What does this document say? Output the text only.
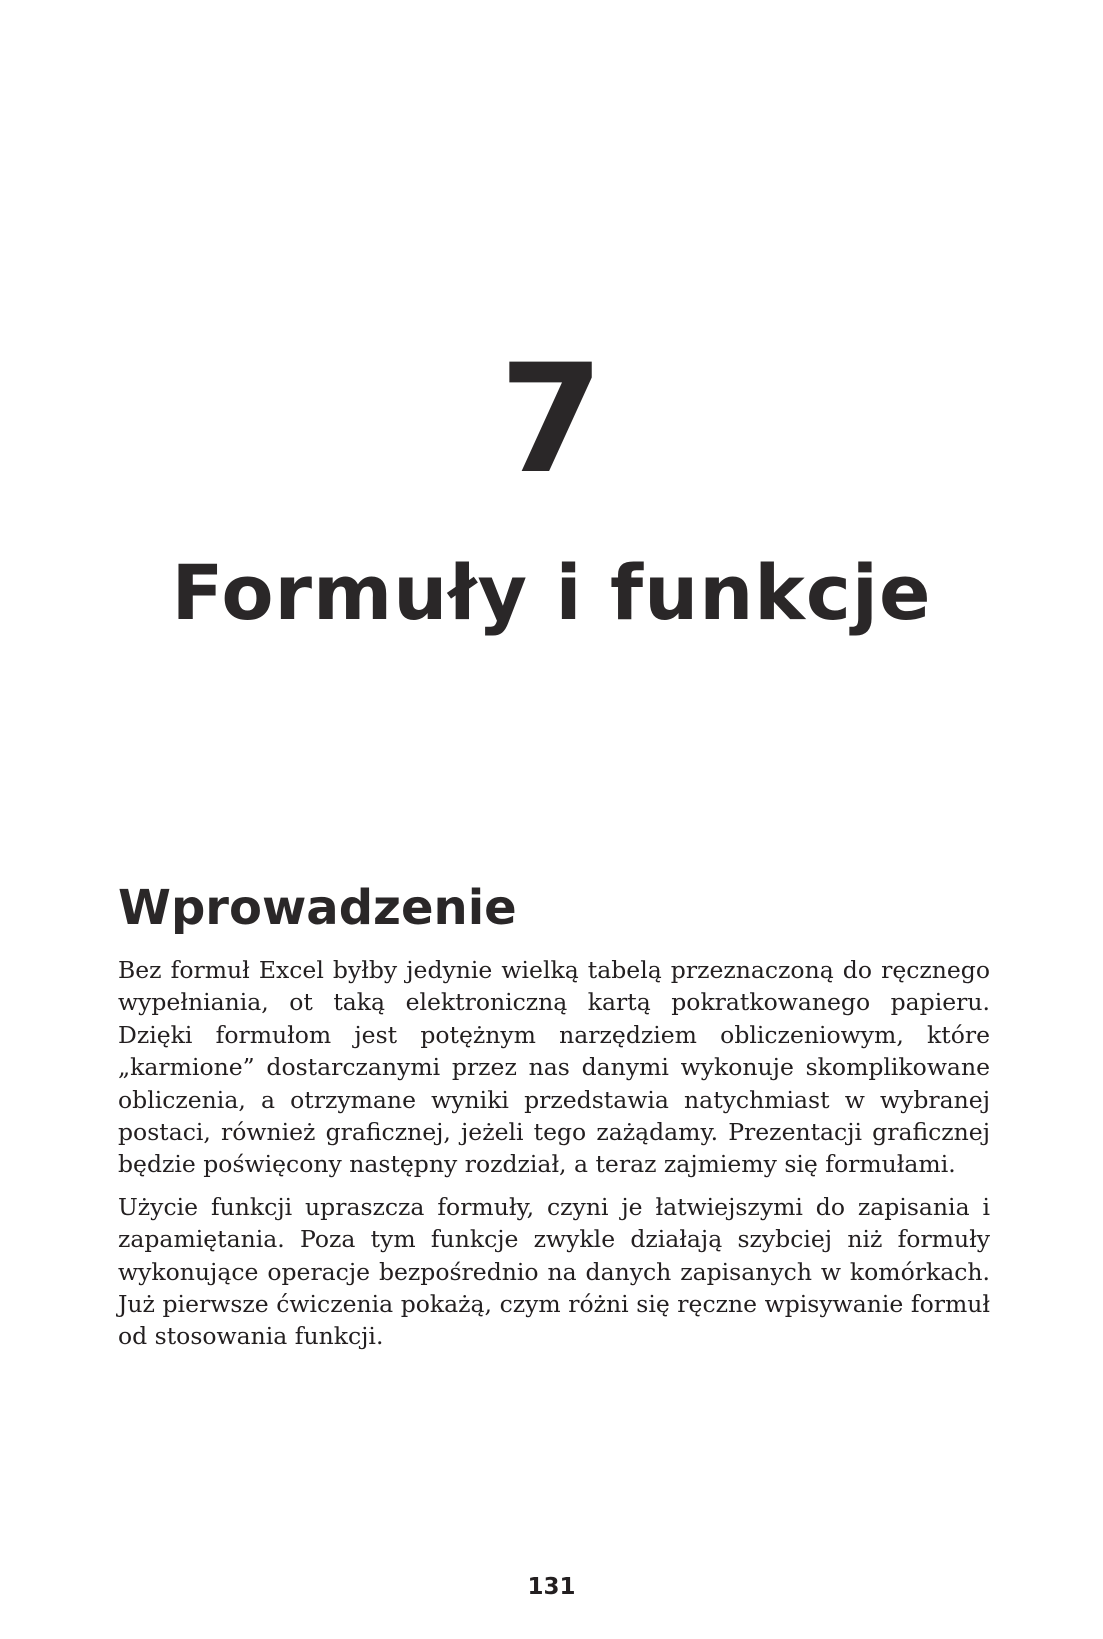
7
Formuły i funkcje
Wprowadzenie

Bez formuł Excel byłby jedynie wielką tabelą przeznaczoną do ręcznego wypełniania, ot taką elektroniczną kartą pokratkowanego papieru. Dzięki formułom jest potężnym narzędziem obliczeniowym, które „karmione” dostarczanymi przez nas danymi wykonuje skomplikowane obliczenia, a otrzymane wyniki przedstawia natychmiast w wybranej postaci, również graficznej, jeżeli tego zażądamy. Prezentacji graficznej będzie poświęcony następny rozdział, a teraz zajmiemy się formułami.

Użycie funkcji upraszcza formuły, czyni je łatwiejszymi do zapisania i zapamiętania. Poza tym funkcje zwykle działają szybciej niż formuły wykonujące operacje bezpośrednio na danych zapisanych w komórkach. Już pierwsze ćwiczenia pokażą, czym różni się ręczne wpisywanie formuł od stosowania funkcji.

131
